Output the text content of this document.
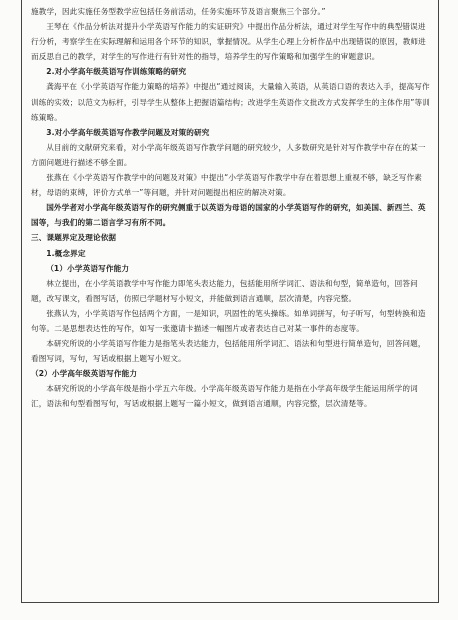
施教学，因此实施任务型教学应包括任务前活动，任务实施环节及语言聚焦三个部分。”

王琴在《作品分析法对提升小学英语写作能力的实证研究》中提出作品分析法，通过对学生写作中的典型错误进行分析，考察学生在实际理解和运用各个环节的知识，掌握情况。从学生心理上分析作品中出现错误的原因，教师进而反思自己的教学，对学生的写作进行有针对性的指导，培养学生的写作策略和加强学生的审题意识。

2.对小学高年级英语写作训练策略的研究

龚海平在《小学英语写作能力策略的培养》中提出“通过阅读，大量输入英语，从英语口语的表达入手，提高写作训练的实效；以范文为标杆，引导学生从整体上把握语篇结构；改进学生英语作文批改方式发挥学生的主体作用”等训练策略。

3.对小学高年级英语写作教学问题及对策的研究

从目前的文献研究来看，对小学高年级英语写作教学问题的研究较少，人多数研究是针对写作教学中存在的某一方面问题进行描述不够全面。

张燕在《小学英语写作教学中的问题及对策》中提出“小学英语写作教学中存在着思想上重视不够，缺乏写作素材，母语的束缚，评价方式单一”等问题，并针对问题提出相应的解决对策。

国外学者对小学高年级英语写作的研究侧重于以英语为母语的国家的小学英语写作的研究，如美国、新西兰、英国等，与我们的第二语言学习有所不同。

三、课题界定及理论依据

1.概念界定

（1）小学英语写作能力

林立提出，在小学英语教学中写作能力即笔头表达能力，包括能用所学词汇、语法和句型，简单造句，回答问题，改写课文，看图写话，仿照已学题材写小短文，并能做到语言通顺，层次清楚，内容完整。

张燕认为，小学英语写作包括两个方面，一是知识，巩固性的笔头操练。如单词拼写，句子听写，句型转换和造句等。二是思想表达性的写作，如写一张邀请卡描述一幅图片或者表达自己对某一事件的态度等。

本研究所说的小学英语写作能力是指笔头表达能力，包括能用所学词汇、语法和句型进行简单造句，回答问题，看图写词，写句，写话或根据上题写小短文。

（2）小学高年级英语写作能力

本研究所说的小学高年级是指小学五六年级。小学高年级英语写作能力是指在小学高年级学生能运用所学的词汇，语法和句型看图写句，写话或根据上题写一篇小短文，做到语言通顺，内容完整，层次清楚等。
